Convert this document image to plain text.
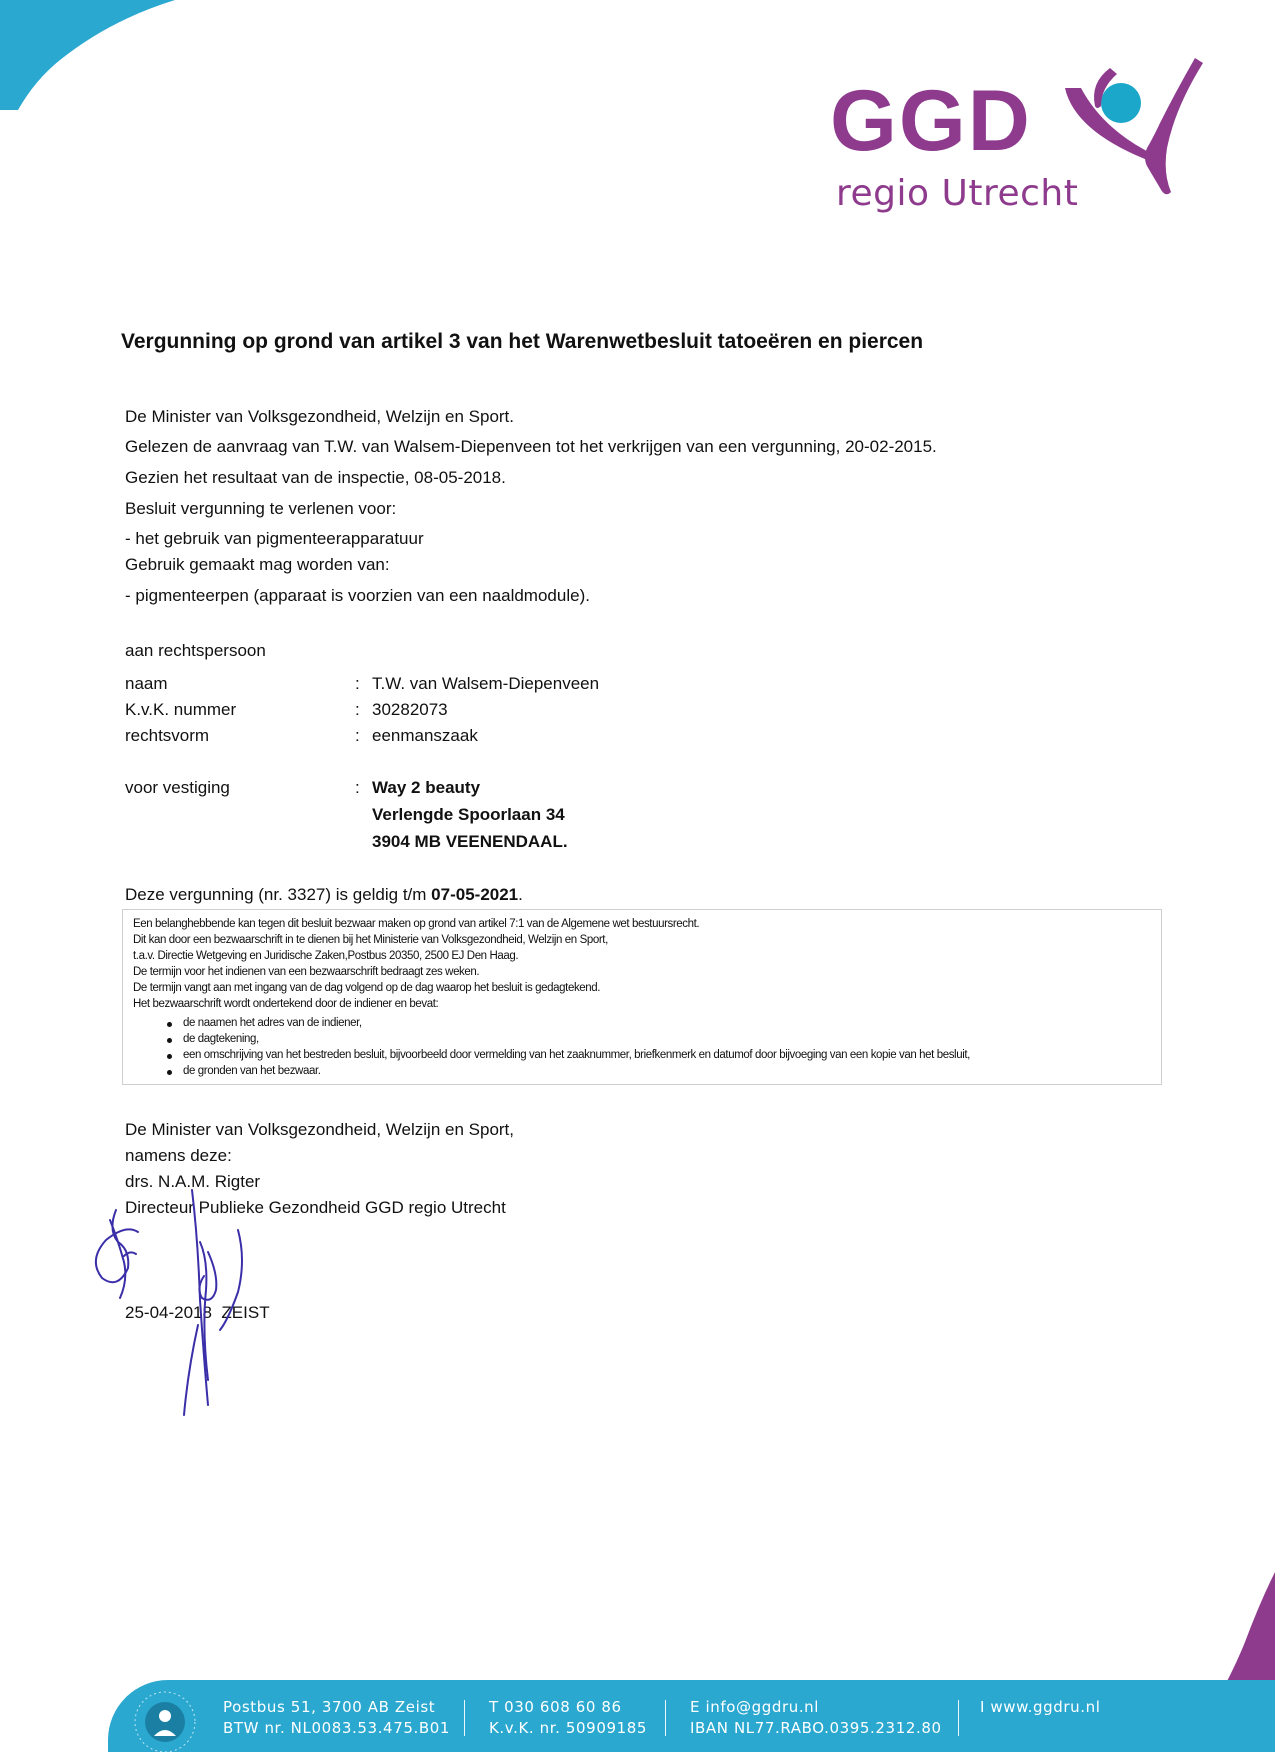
GGD
regio Utrecht
Vergunning op grond van artikel 3 van het Warenwetbesluit tatoeëren en piercen
De Minister van Volksgezondheid, Welzijn en Sport.
Gelezen de aanvraag van T.W. van Walsem-Diepenveen tot het verkrijgen van een vergunning, 20-02-2015.
Gezien het resultaat van de inspectie, 08-05-2018.
Besluit vergunning te verlenen voor:
- het gebruik van pigmenteerapparatuur
Gebruik gemaakt mag worden van:
- pigmenteerpen (apparaat is voorzien van een naaldmodule).
aan rechtspersoon
naam	: T.W. van Walsem-Diepenveen
K.v.K. nummer	: 30282073
rechtsvorm	: eenmanszaak
voor vestiging	: Way 2 beauty
Verlengde Spoorlaan 34
3904 MB VEENENDAAL.
Deze vergunning (nr. 3327) is geldig t/m 07-05-2021.
Een belanghebbende kan tegen dit besluit bezwaar maken op grond van artikel 7:1 van de Algemene wet bestuursrecht.
Dit kan door een bezwaarschrift in te dienen bij het Ministerie van Volksgezondheid, Welzijn en Sport,
t.a.v. Directie Wetgeving en Juridische Zaken,Postbus 20350, 2500 EJ Den Haag.
De termijn voor het indienen van een bezwaarschrift bedraagt zes weken.
De termijn vangt aan met ingang van de dag volgend op de dag waarop het besluit is gedagtekend.
Het bezwaarschrift wordt ondertekend door de indiener en bevat:
de naamen het adres van de indiener,
de dagtekening,
een omschrijving van het bestreden besluit, bijvoorbeeld door vermelding van het zaaknummer, briefkenmerk en datumof door bijvoeging van een kopie van het besluit,
de gronden van het bezwaar.
De Minister van Volksgezondheid, Welzijn en Sport,
namens deze:
drs. N.A.M. Rigter
Directeur Publieke Gezondheid GGD regio Utrecht
25-04-2018  ZEIST
Postbus 51, 3700 AB Zeist
BTW nr. NL0083.53.475.B01
T 030 608 60 86
K.v.K. nr. 50909185
E info@ggdru.nl
IBAN NL77.RABO.0395.2312.80
I www.ggdru.nl
